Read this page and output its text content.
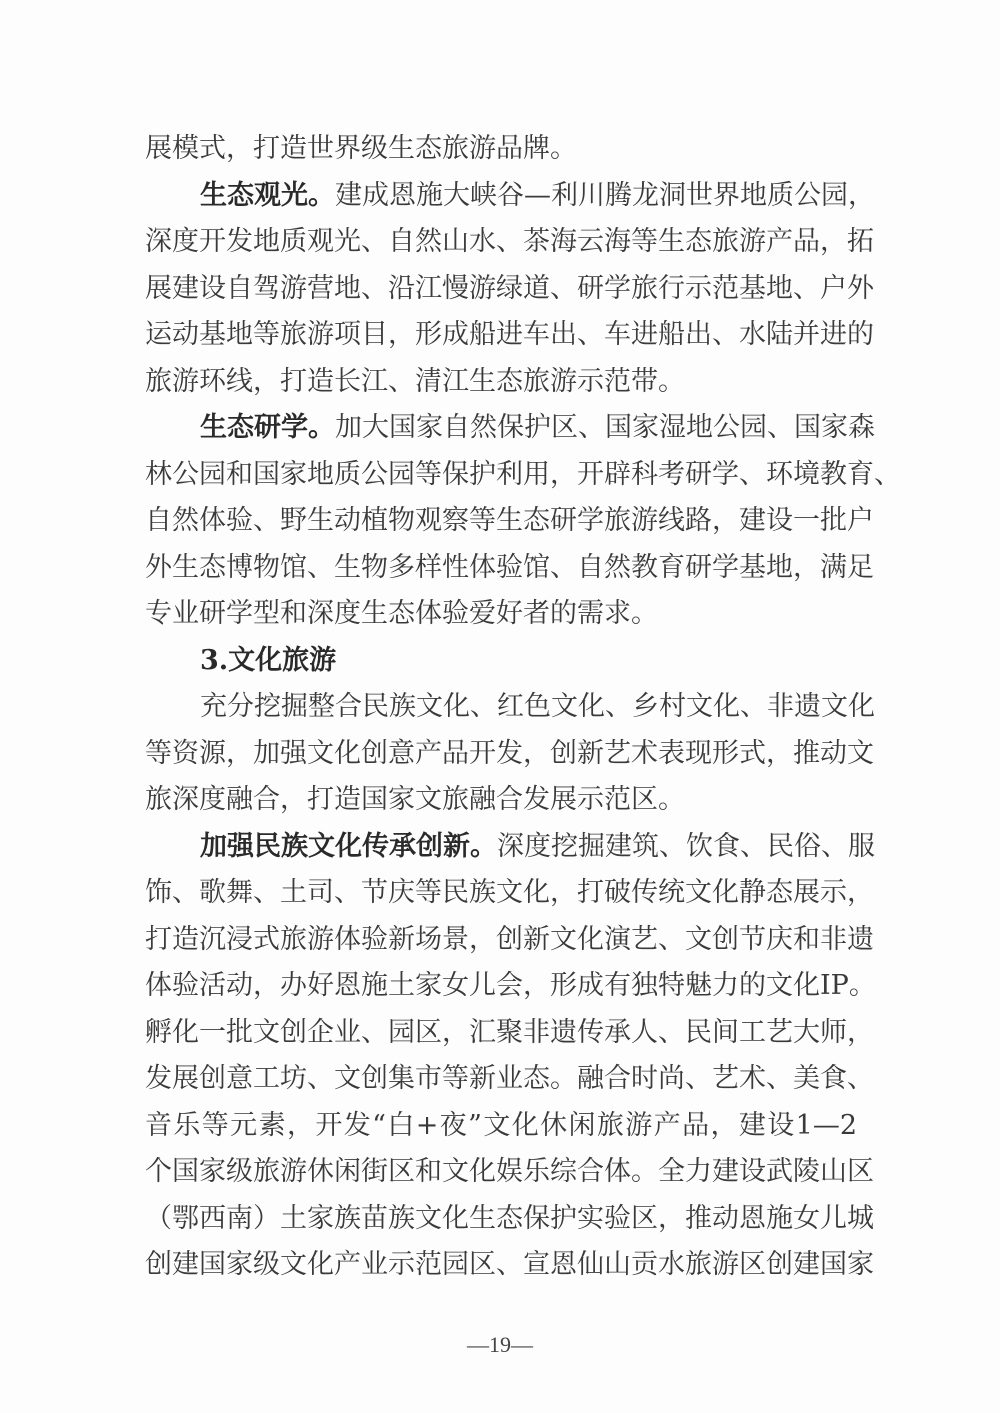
展模式，打造世界级生态旅游品牌。
生态观光。建成恩施大峡谷—利川腾龙洞世界地质公园，
深度开发地质观光、自然山水、茶海云海等生态旅游产品，拓
展建设自驾游营地、沿江慢游绿道、研学旅行示范基地、户外
运动基地等旅游项目，形成船进车出、车进船出、水陆并进的
旅游环线，打造长江、清江生态旅游示范带。
生态研学。加大国家自然保护区、国家湿地公园、国家森
林公园和国家地质公园等保护利用，开辟科考研学、环境教育、
自然体验、野生动植物观察等生态研学旅游线路，建设一批户
外生态博物馆、生物多样性体验馆、自然教育研学基地，满足
专业研学型和深度生态体验爱好者的需求。
3.文化旅游
充分挖掘整合民族文化、红色文化、乡村文化、非遗文化
等资源，加强文化创意产品开发，创新艺术表现形式，推动文
旅深度融合，打造国家文旅融合发展示范区。
加强民族文化传承创新。深度挖掘建筑、饮食、民俗、服
饰、歌舞、土司、节庆等民族文化，打破传统文化静态展示，
打造沉浸式旅游体验新场景，创新文化演艺、文创节庆和非遗
体验活动，办好恩施土家女儿会，形成有独特魅力的文化IP。
孵化一批文创企业、园区，汇聚非遗传承人、民间工艺大师，
发展创意工坊、文创集市等新业态。融合时尚、艺术、美食、
音乐等元素，开发“白+夜”文化休闲旅游产品，建设1—2
个国家级旅游休闲街区和文化娱乐综合体。全力建设武陵山区
（鄂西南）土家族苗族文化生态保护实验区，推动恩施女儿城
创建国家级文化产业示范园区、宣恩仙山贡水旅游区创建国家
—19—
